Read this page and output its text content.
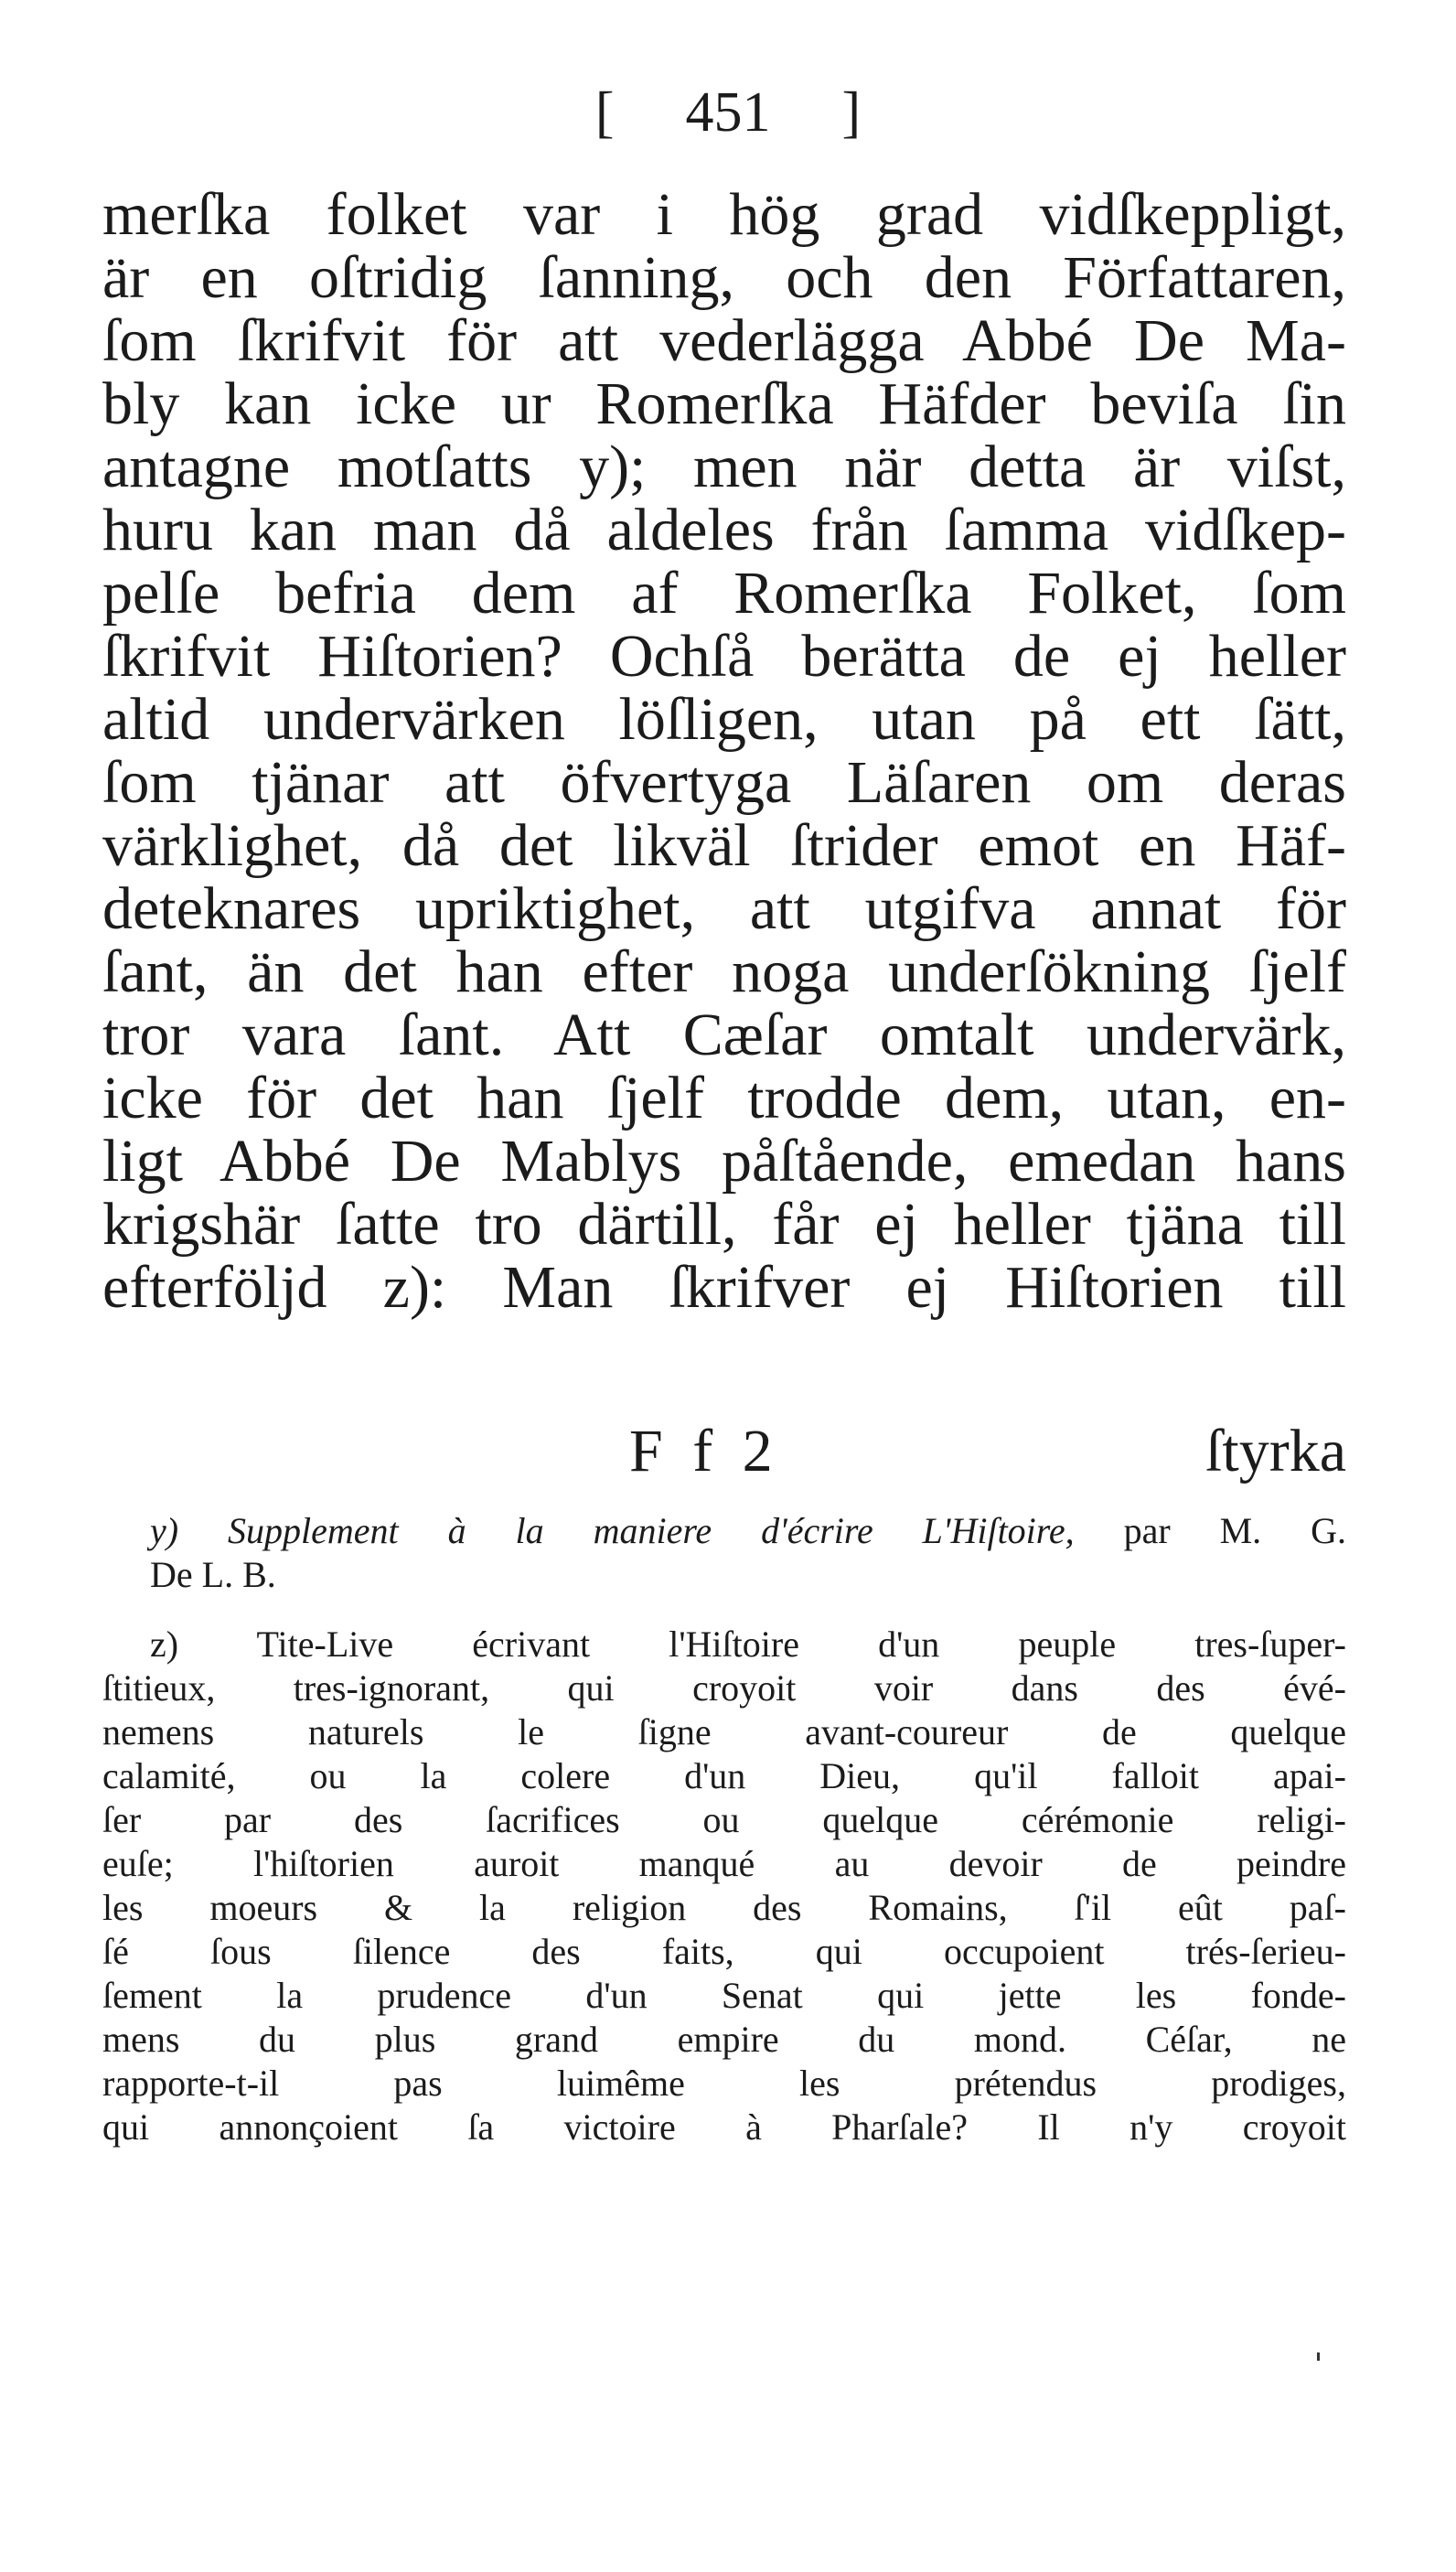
[ 451 ]
merſka folket var i hög grad vidſkeppligt,
är en oſtridig ſanning, och den Författaren,
ſom ſkrifvit för att vederlägga Abbé De Ma-
bly kan icke ur Romerſka Häfder beviſa ſin
antagne motſatts y); men när detta är viſst,
huru kan man då aldeles från ſamma vidſkep-
pelſe befria dem af Romerſka Folket, ſom
ſkrifvit Hiſtorien? Ochſå berätta de ej heller
altid undervärken löſligen, utan på ett ſätt,
ſom tjänar att öfvertyga Läſaren om deras
värklighet, då det likväl ſtrider emot en Häf-
deteknares upriktighet, att utgifva annat för
ſant, än det han efter noga underſökning ſjelf
tror vara ſant. Att Cæſar omtalt undervärk,
icke för det han ſjelf trodde dem, utan, en-
ligt Abbé De Mablys påſtående, emedan hans
krigshär ſatte tro därtill, får ej heller tjäna till
efterföljd z): Man ſkrifver ej Hiſtorien till
F f 2	ſtyrka
y) Supplement à la maniere d'écrire L'Hiſtoire, par M. G.
De L. B.
z) Tite-Live écrivant l'Hiſtoire d'un peuple tres-ſuper-
ſtitieux, tres-ignorant, qui croyoit voir dans des évé-
nemens naturels le ſigne avant-coureur de quelque
calamité, ou la colere d'un Dieu, qu'il falloit apai-
ſer par des ſacrifices ou quelque cérémonie religi-
euſe; l'hiſtorien auroit manqué au devoir de peindre
les moeurs & la religion des Romains, ſ'il eût paſ-
ſé ſous ſilence des faits, qui occupoient trés-ſerieu-
ſement la prudence d'un Senat qui jette les fonde-
mens du plus grand empire du mond. Céſar, ne
rapporte-t-il pas luimême les prétendus prodiges,
qui annonçoient ſa victoire à Pharſale? Il n'y croyoit
